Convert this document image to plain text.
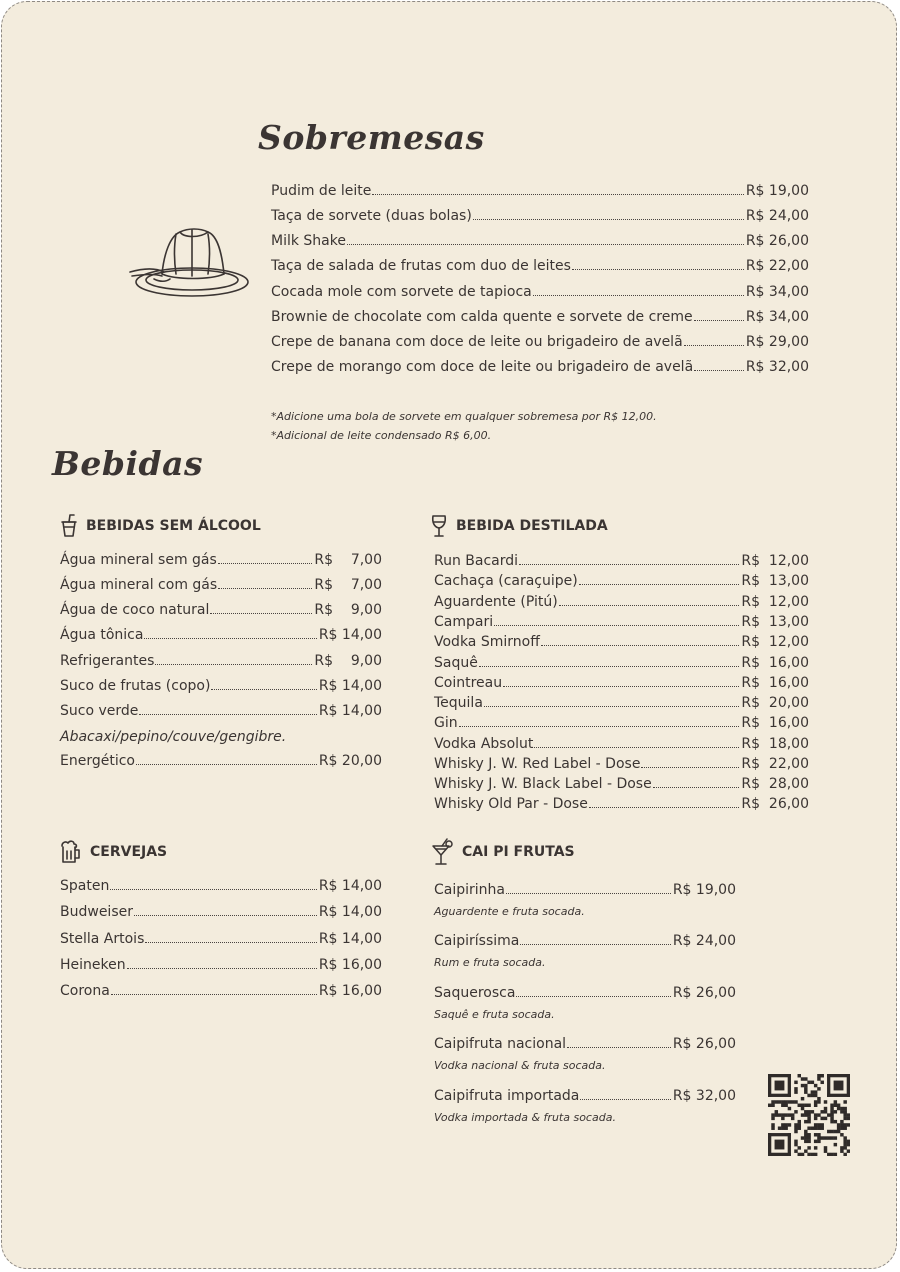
Sobremesas
Pudim de leite	R$ 19,00
Taça de sorvete (duas bolas)	R$ 24,00
Milk Shake	R$ 26,00
Taça de salada de frutas com duo de leites	R$ 22,00
Cocada mole com sorvete de tapioca	R$ 34,00
Brownie de chocolate com calda quente e sorvete de creme	R$ 34,00
Crepe de banana com doce de leite ou brigadeiro de avelã	R$ 29,00
Crepe de morango com doce de leite ou brigadeiro de avelã	R$ 32,00
*Adicione uma bola de sorvete em qualquer sobremesa por R$ 12,00.
*Adicional de leite condensado R$ 6,00.
Bebidas
BEBIDAS SEM ÁLCOOL
Água mineral sem gás	R$    7,00
Água mineral com gás	R$    7,00
Água de coco natural	R$    9,00
Água tônica	R$ 14,00
Refrigerantes	R$    9,00
Suco de frutas (copo)	R$ 14,00
Suco verde	R$ 14,00
Abacaxi/pepino/couve/gengibre.
Energético	R$ 20,00
BEBIDA DESTILADA
Run Bacardi	R$  12,00
Cachaça (caraçuipe)	R$  13,00
Aguardente (Pitú)	R$  12,00
Campari	R$  13,00
Vodka Smirnoff	R$  12,00
Saquê	R$  16,00
Cointreau	R$  16,00
Tequila	R$  20,00
Gin	R$  16,00
Vodka Absolut	R$  18,00
Whisky J. W. Red Label - Dose	R$  22,00
Whisky J. W. Black Label - Dose	R$  28,00
Whisky Old Par - Dose	R$  26,00
CERVEJAS
Spaten	R$ 14,00
Budweiser	R$ 14,00
Stella Artois	R$ 14,00
Heineken	R$ 16,00
Corona	R$ 16,00
CAI PI FRUTAS
Caipirinha	R$ 19,00
Aguardente e fruta socada.
Caipiríssima	R$ 24,00
Rum e fruta socada.
Saquerosca	R$ 26,00
Saquê e fruta socada.
Caipifruta nacional	R$ 26,00
Vodka nacional & fruta socada.
Caipifruta importada	R$ 32,00
Vodka importada & fruta socada.
